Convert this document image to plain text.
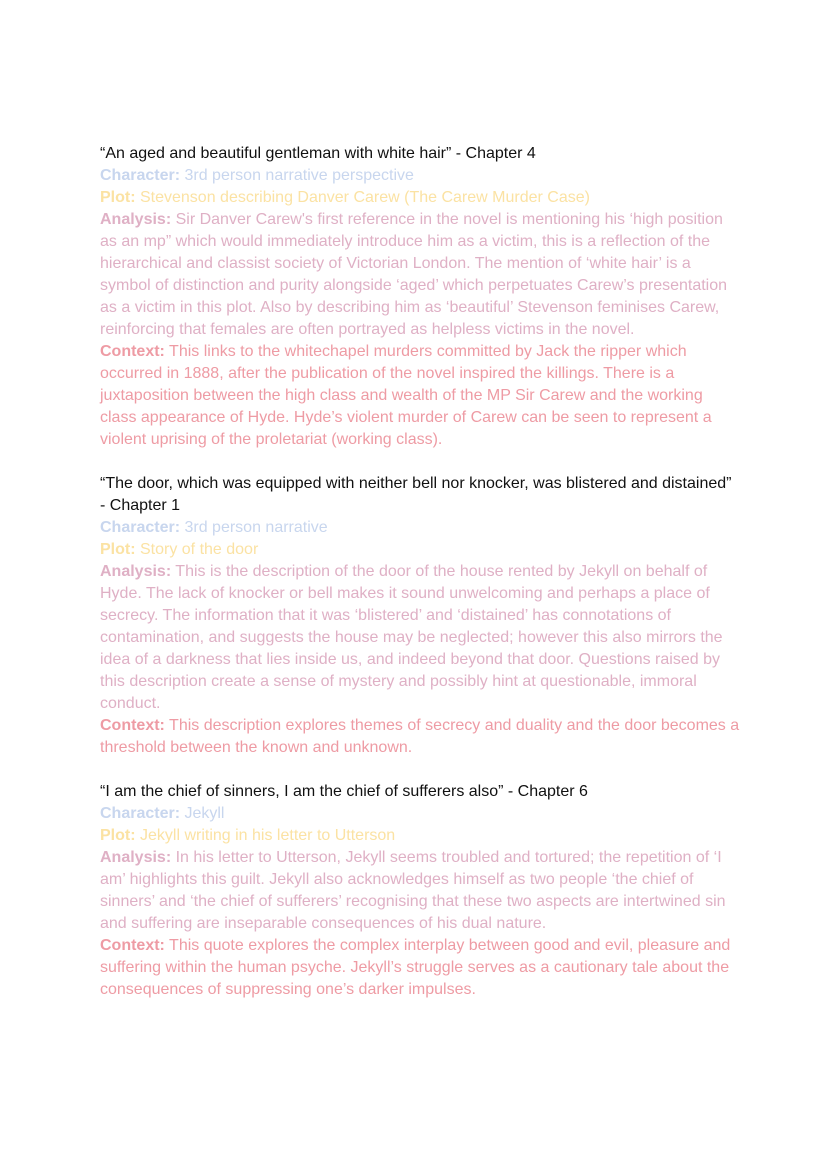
“An aged and beautiful gentleman with white hair” - Chapter 4
Character: 3rd person narrative perspective
Plot: Stevenson describing Danver Carew (The Carew Murder Case)
Analysis: Sir Danver Carew's first reference in the novel is mentioning his ‘high position as an mp” which would immediately introduce him as a victim, this is a reflection of the hierarchical and classist society of Victorian London. The mention of ‘white hair’ is a symbol of distinction and purity alongside ‘aged’ which perpetuates Carew’s presentation as a victim in this plot. Also by describing him as ‘beautiful’ Stevenson feminises Carew, reinforcing that females are often portrayed as helpless victims in the novel.
Context: This links to the whitechapel murders committed by Jack the ripper which occurred in 1888, after the publication of the novel inspired the killings. There is a juxtaposition between the high class and wealth of the MP Sir Carew and the working class appearance of Hyde. Hyde’s violent murder of Carew can be seen to represent a violent uprising of the proletariat (working class).
“The door, which was equipped with neither bell nor knocker, was blistered and distained” - Chapter 1
Character: 3rd person narrative
Plot: Story of the door
Analysis: This is the description of the door of the house rented by Jekyll on behalf of Hyde. The lack of knocker or bell makes it sound unwelcoming and perhaps a place of secrecy. The information that it was ‘blistered’ and ‘distained’ has connotations of contamination, and suggests the house may be neglected; however this also mirrors the idea of a darkness that lies inside us, and indeed beyond that door. Questions raised by this description create a sense of mystery and possibly hint at questionable, immoral conduct.
Context: This description explores themes of secrecy and duality and the door becomes a threshold between the known and unknown.
“I am the chief of sinners, I am the chief of sufferers also” - Chapter 6
Character: Jekyll
Plot: Jekyll writing in his letter to Utterson
Analysis: In his letter to Utterson, Jekyll seems troubled and tortured; the repetition of ‘I am’ highlights this guilt. Jekyll also acknowledges himself as two people ‘the chief of sinners’ and ‘the chief of sufferers’ recognising that these two aspects are intertwined sin and suffering are inseparable consequences of his dual nature.
Context: This quote explores the complex interplay between good and evil, pleasure and suffering within the human psyche. Jekyll’s struggle serves as a cautionary tale about the consequences of suppressing one’s darker impulses.
